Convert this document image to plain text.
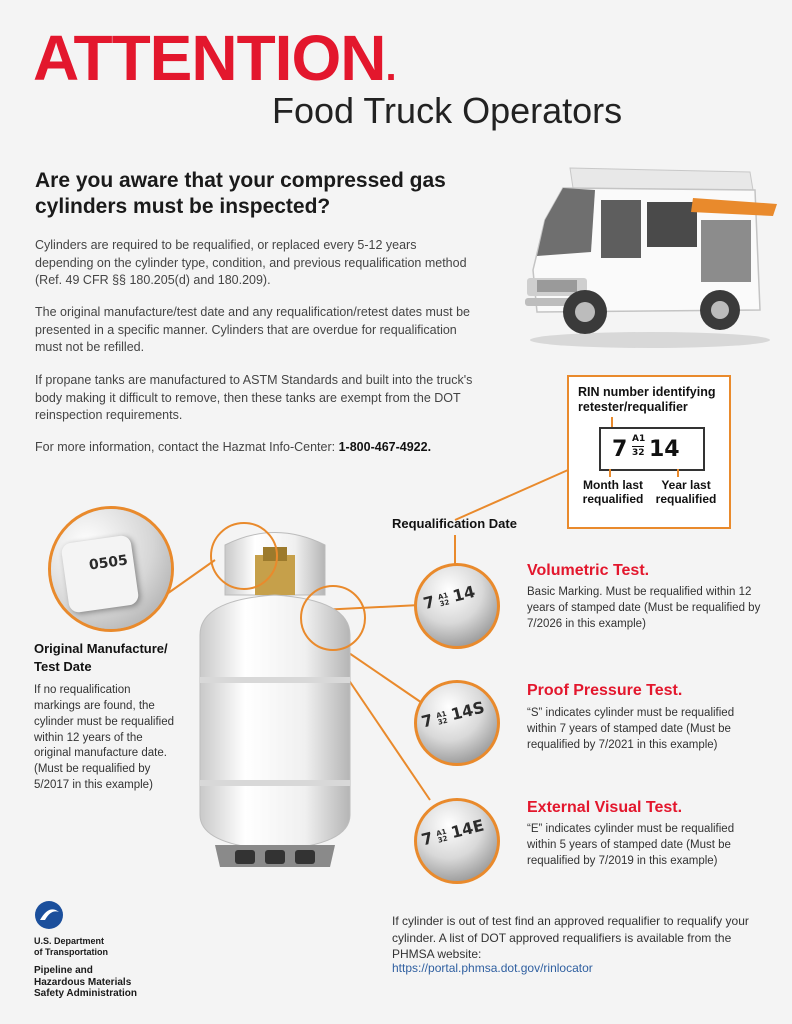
ATTENTION.
Food Truck Operators
Are you aware that your compressed gas cylinders must be inspected?
Cylinders are required to be requalified, or replaced every 5-12 years depending on the cylinder type, condition, and previous requalification method (Ref. 49 CFR §§ 180.205(d) and 180.209).
The original manufacture/test date and any requalification/retest dates must be presented in a specific manner. Cylinders that are overdue for requalification must not be refilled.
If propane tanks are manufactured to ASTM Standards and built into the truck's body making it difficult to remove, then these tanks are exempt from the DOT reinspection requirements.
For more information, contact the Hazmat Info-Center: 1-800-467-4922.
RIN number identifying retester/requalifier
7 A1
32 14
Month last requalified
Year last requalified
Requalification Date
0505
Original Manufacture/ Test Date
If no requalification markings are found, the cylinder must be requalified within 12 years of the original manufacture date. (Must be requalified by 5/2017 in this example)
7 A1
32 14
7 A1
32 14S
7 A1
32 14E
Volumetric Test.
Basic Marking. Must be requalified within 12 years of stamped date (Must be requalified by 7/2026 in this example)
Proof Pressure Test.
“S” indicates cylinder must be requalified within 7 years of stamped date (Must be requalified by 7/2021 in this example)
External Visual Test.
“E” indicates cylinder must be requalified within 5 years of stamped date (Must be requalified by 7/2019 in this example)
If cylinder is out of test find an approved requalifier to requalify your cylinder. A list of DOT approved requalifiers is available from the PHMSA website:
https://portal.phmsa.dot.gov/rinlocator
U.S. Department
of Transportation
Pipeline and
Hazardous Materials
Safety Administration
